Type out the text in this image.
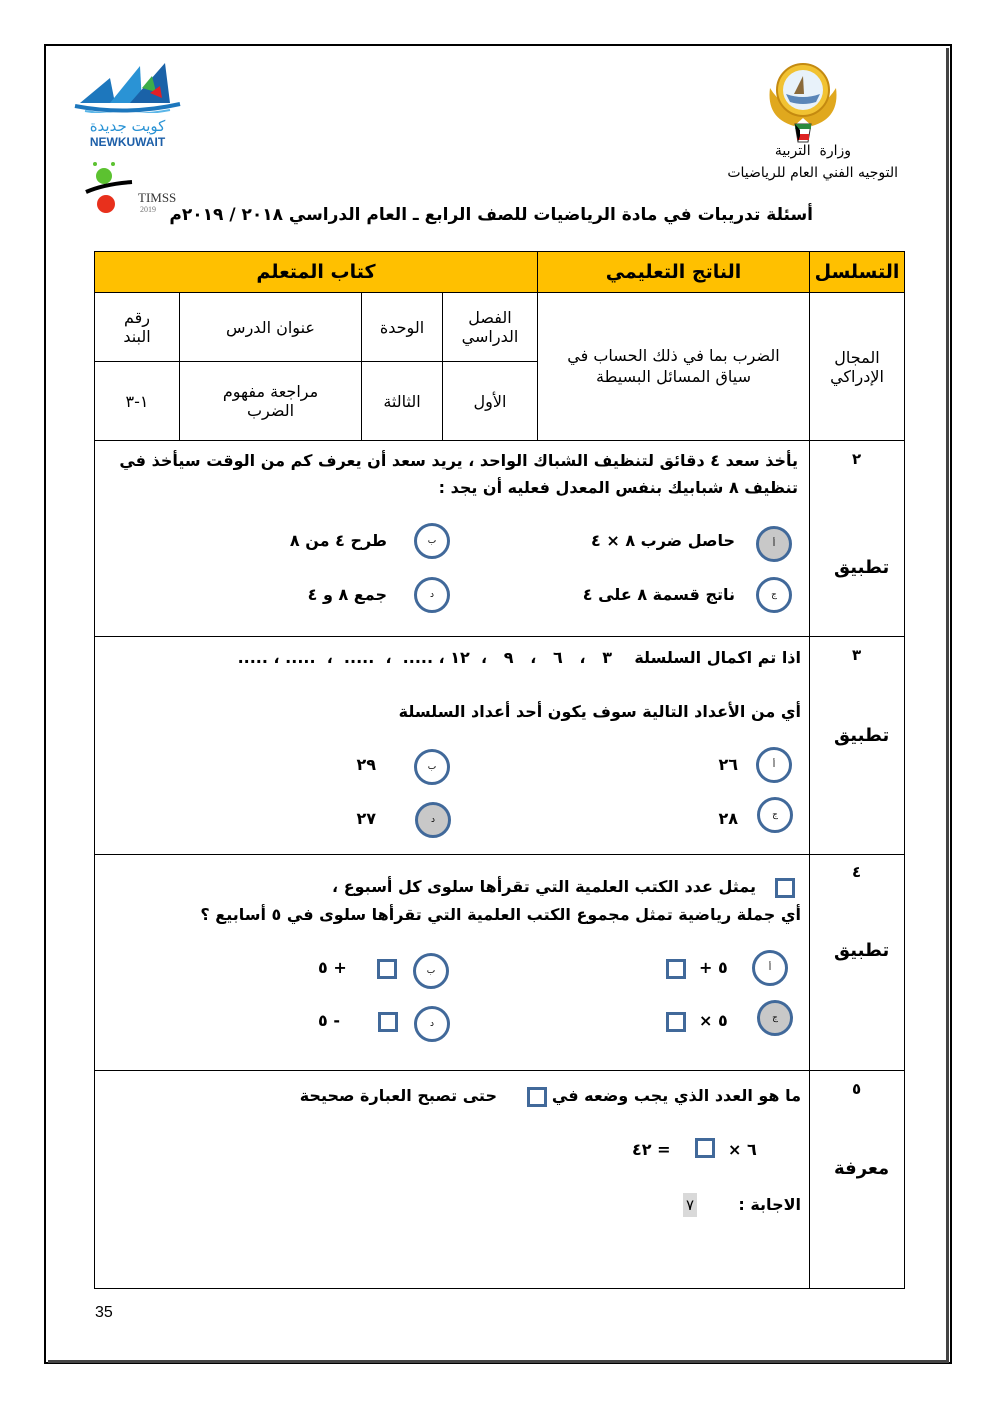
كويت جديدة
NEWKUWAIT
TIMSS
2019
وزارة  التربية
التوجيه الفني العام للرياضيات
أسئلة تدريبات في مادة الرياضيات للصف الرابع ـ العام الدراسي ٢٠١٨ / ٢٠١٩م
التسلسل
الناتج التعليمي
كتاب المتعلم
المجال الإدراكي
الضرب بما في ذلك الحساب في سياق المسائل البسيطة
الفصل الدراسي
الوحدة
عنوان الدرس
رقم البند
الأول
الثالثة
مراجعة مفهوم الضرب
١-٣
٢
تطبيق
يأخذ سعد ٤ دقائق لتنظيف الشباك الواحد ، يريد سعد أن يعرف كم من الوقت سيأخذ في
تنظيف ٨ شبابيك بنفس المعدل فعليه أن يجد :
أ
حاصل ضرب ٨ × ٤
ب
طرح ٤ من ٨
ج
ناتج قسمة ٨ على ٤
د
جمع ٨ و ٤
٣
تطبيق
اذا تم اكمال السلسلة    ٣   ،   ٦   ،   ٩   ،  ١٢ ، .....  ،  .....  ،  ..... ، .....
أي من الأعداد التالية سوف يكون أحد أعداد السلسلة
أ
٢٦
ب
٢٩
ج
٢٨
د
٢٧
٤
تطبيق
يمثل عدد الكتب العلمية التي تقرأها سلوى كل أسبوع ،
أي جملة رياضية تمثل مجموع الكتب العلمية التي تقرأها سلوى في ٥ أسابيع ؟
أ
+ ٥
ب
٥ +
ج
× ٥
د
٥ -
٥
معرفة
ما هو العدد الذي يجب وضعه في
حتى تصبح العبارة صحيحة
٤٢ =	× ٦
الاجابة :
٧
35
